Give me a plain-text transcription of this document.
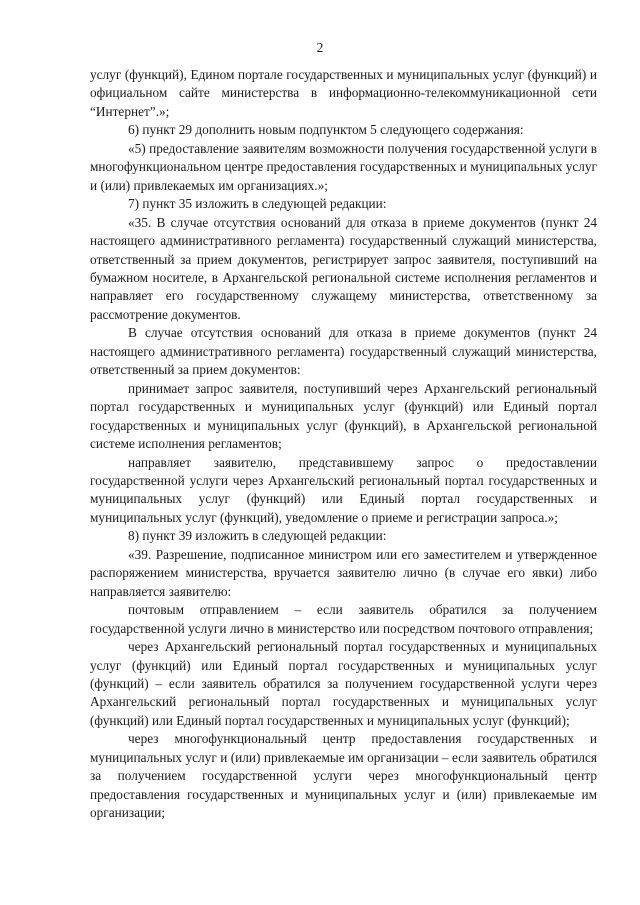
2

услуг (функций), Едином портале государственных и муниципальных услуг (функций) и официальном сайте министерства в информационно-телекоммуникационной сети “Интернет”.»;

6) пункт 29 дополнить новым подпунктом 5 следующего содержания:

«5) предоставление заявителям возможности получения государственной услуги в многофункциональном центре предоставления государственных и муниципальных услуг и (или) привлекаемых им организациях.»;

7) пункт 35 изложить в следующей редакции:

«35. В случае отсутствия оснований для отказа в приеме документов (пункт 24 настоящего административного регламента) государственный служащий министерства, ответственный за прием документов, регистрирует запрос заявителя, поступивший на бумажном носителе, в Архангельской региональной системе исполнения регламентов и направляет его государственному служащему министерства, ответственному за рассмотрение документов.

В случае отсутствия оснований для отказа в приеме документов (пункт 24 настоящего административного регламента) государственный служащий министерства, ответственный за прием документов:

принимает запрос заявителя, поступивший через Архангельский региональный портал государственных и муниципальных услуг (функций) или Единый портал государственных и муниципальных услуг (функций), в Архангельской региональной системе исполнения регламентов;

направляет заявителю, представившему запрос о предоставлении государственной услуги через Архангельский региональный портал государственных и муниципальных услуг (функций) или Единый портал государственных и муниципальных услуг (функций), уведомление о приеме и регистрации запроса.»;

8) пункт 39 изложить в следующей редакции:

«39. Разрешение, подписанное министром или его заместителем и утвержденное распоряжением министерства, вручается заявителю лично (в случае его явки) либо направляется заявителю:

почтовым отправлением – если заявитель обратился за получением государственной услуги лично в министерство или посредством почтового отправления;

через Архангельский региональный портал государственных и муниципальных услуг (функций) или Единый портал государственных и муниципальных услуг (функций) – если заявитель обратился за получением государственной услуги через Архангельский региональный портал государственных и муниципальных услуг (функций) или Единый портал государственных и муниципальных услуг (функций);

через многофункциональный центр предоставления государственных и муниципальных услуг и (или) привлекаемые им организации – если заявитель обратился за получением государственной услуги через многофункциональный центр предоставления государственных и муниципальных услуг и (или) привлекаемые им организации;
